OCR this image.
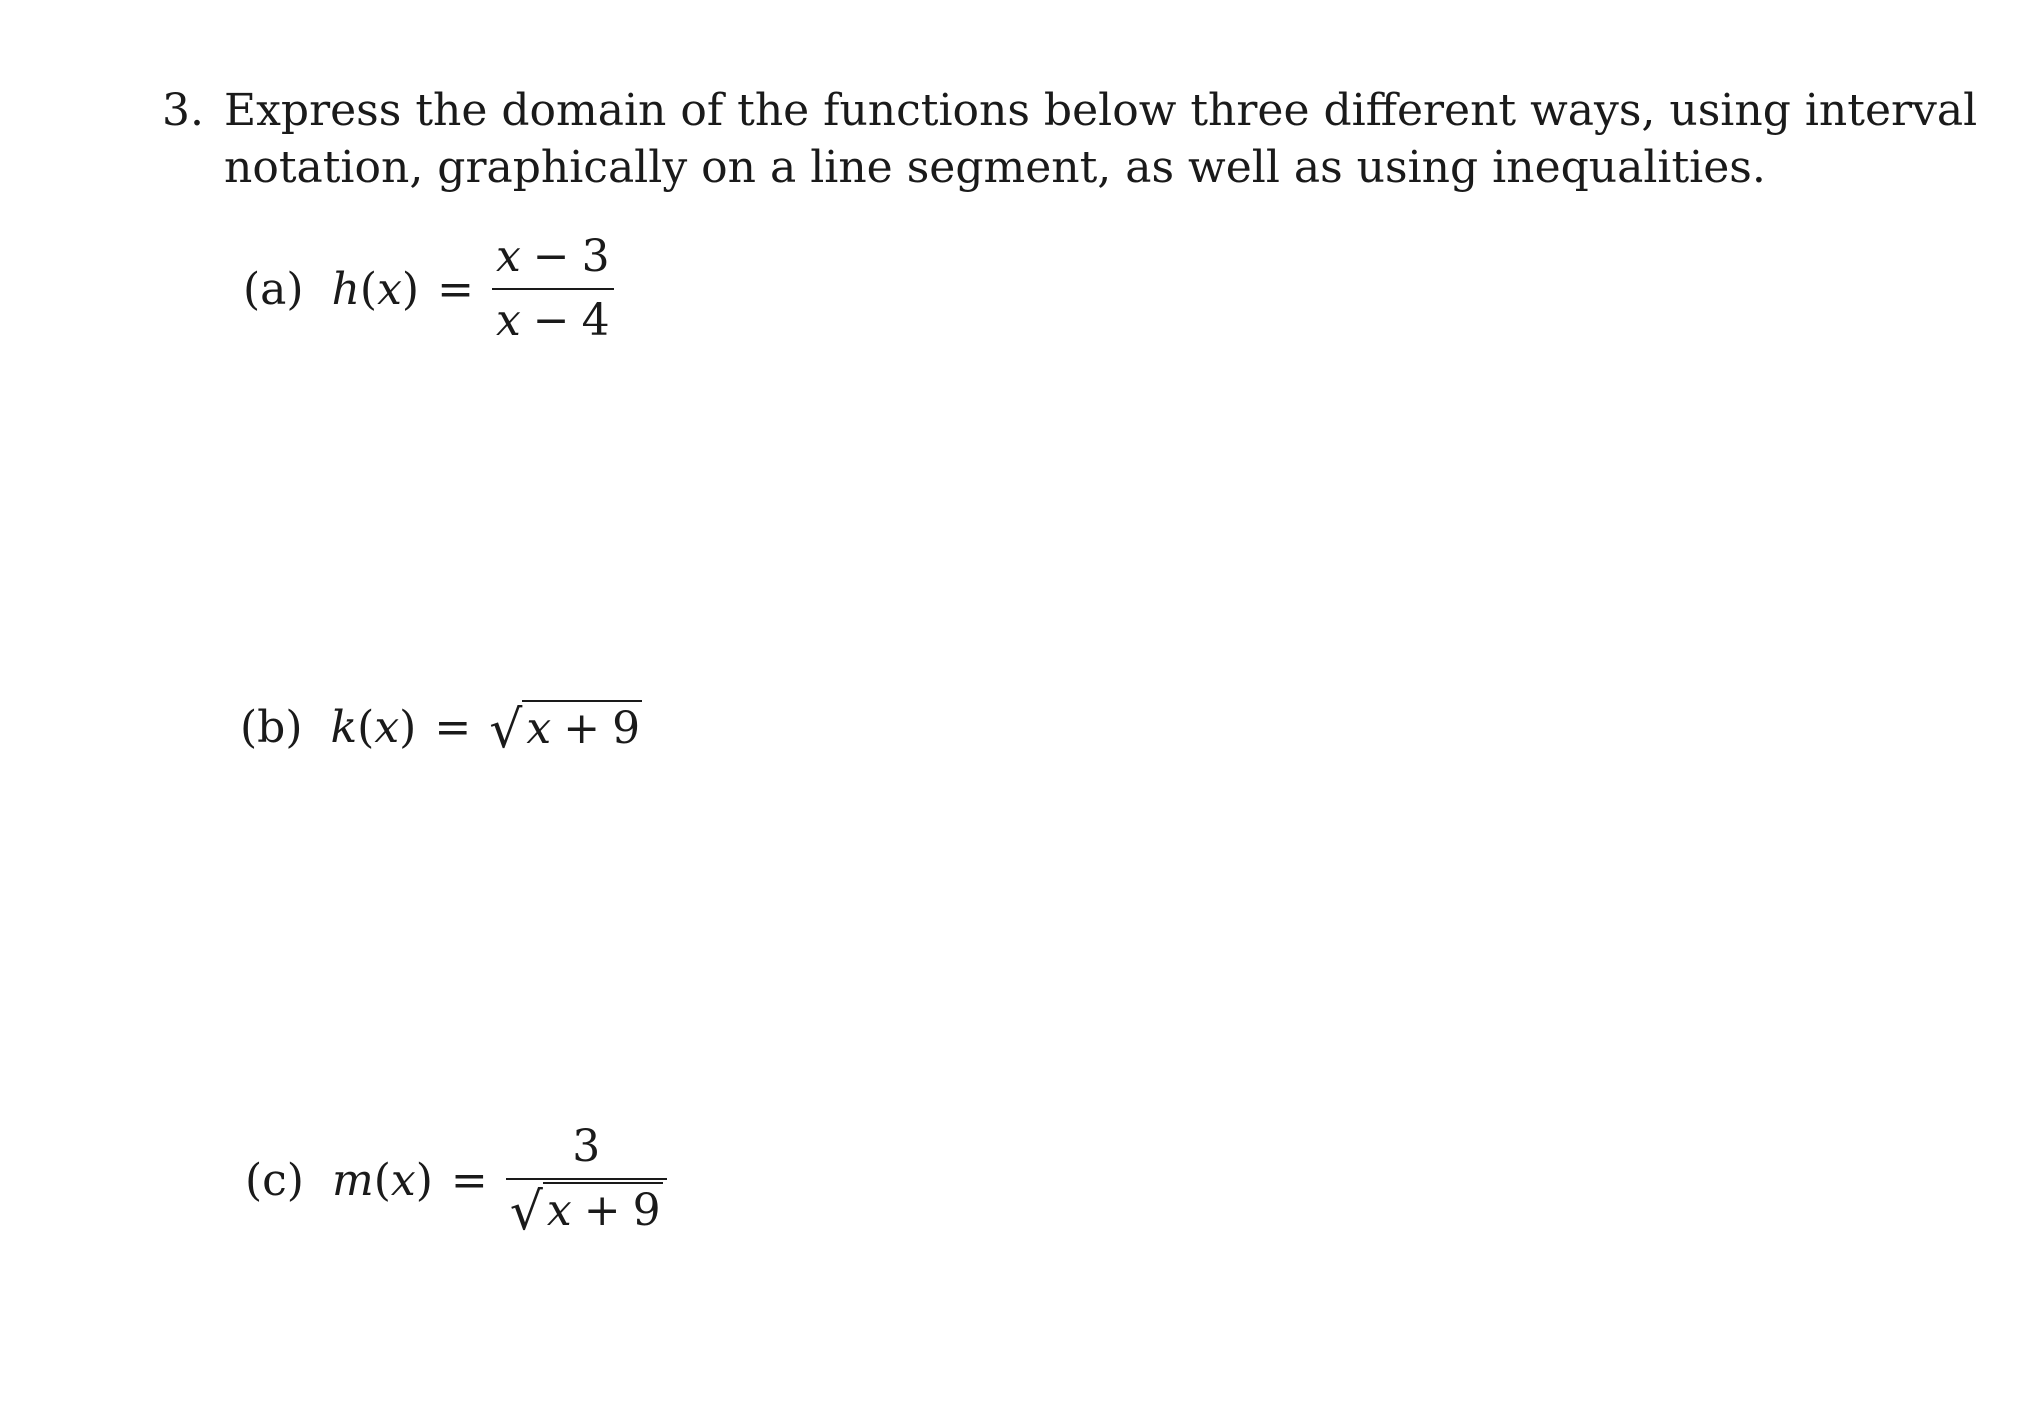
3. Express the domain of the functions below three different ways, using interval notation, graphically on a line segment, as well as using inequalities.
(a) h $(x) = \frac{x - 3}{x - 4}$
(b) k (x) = √ x + 9
(c) m $(x) = \frac{3}{√ x + 9}$
